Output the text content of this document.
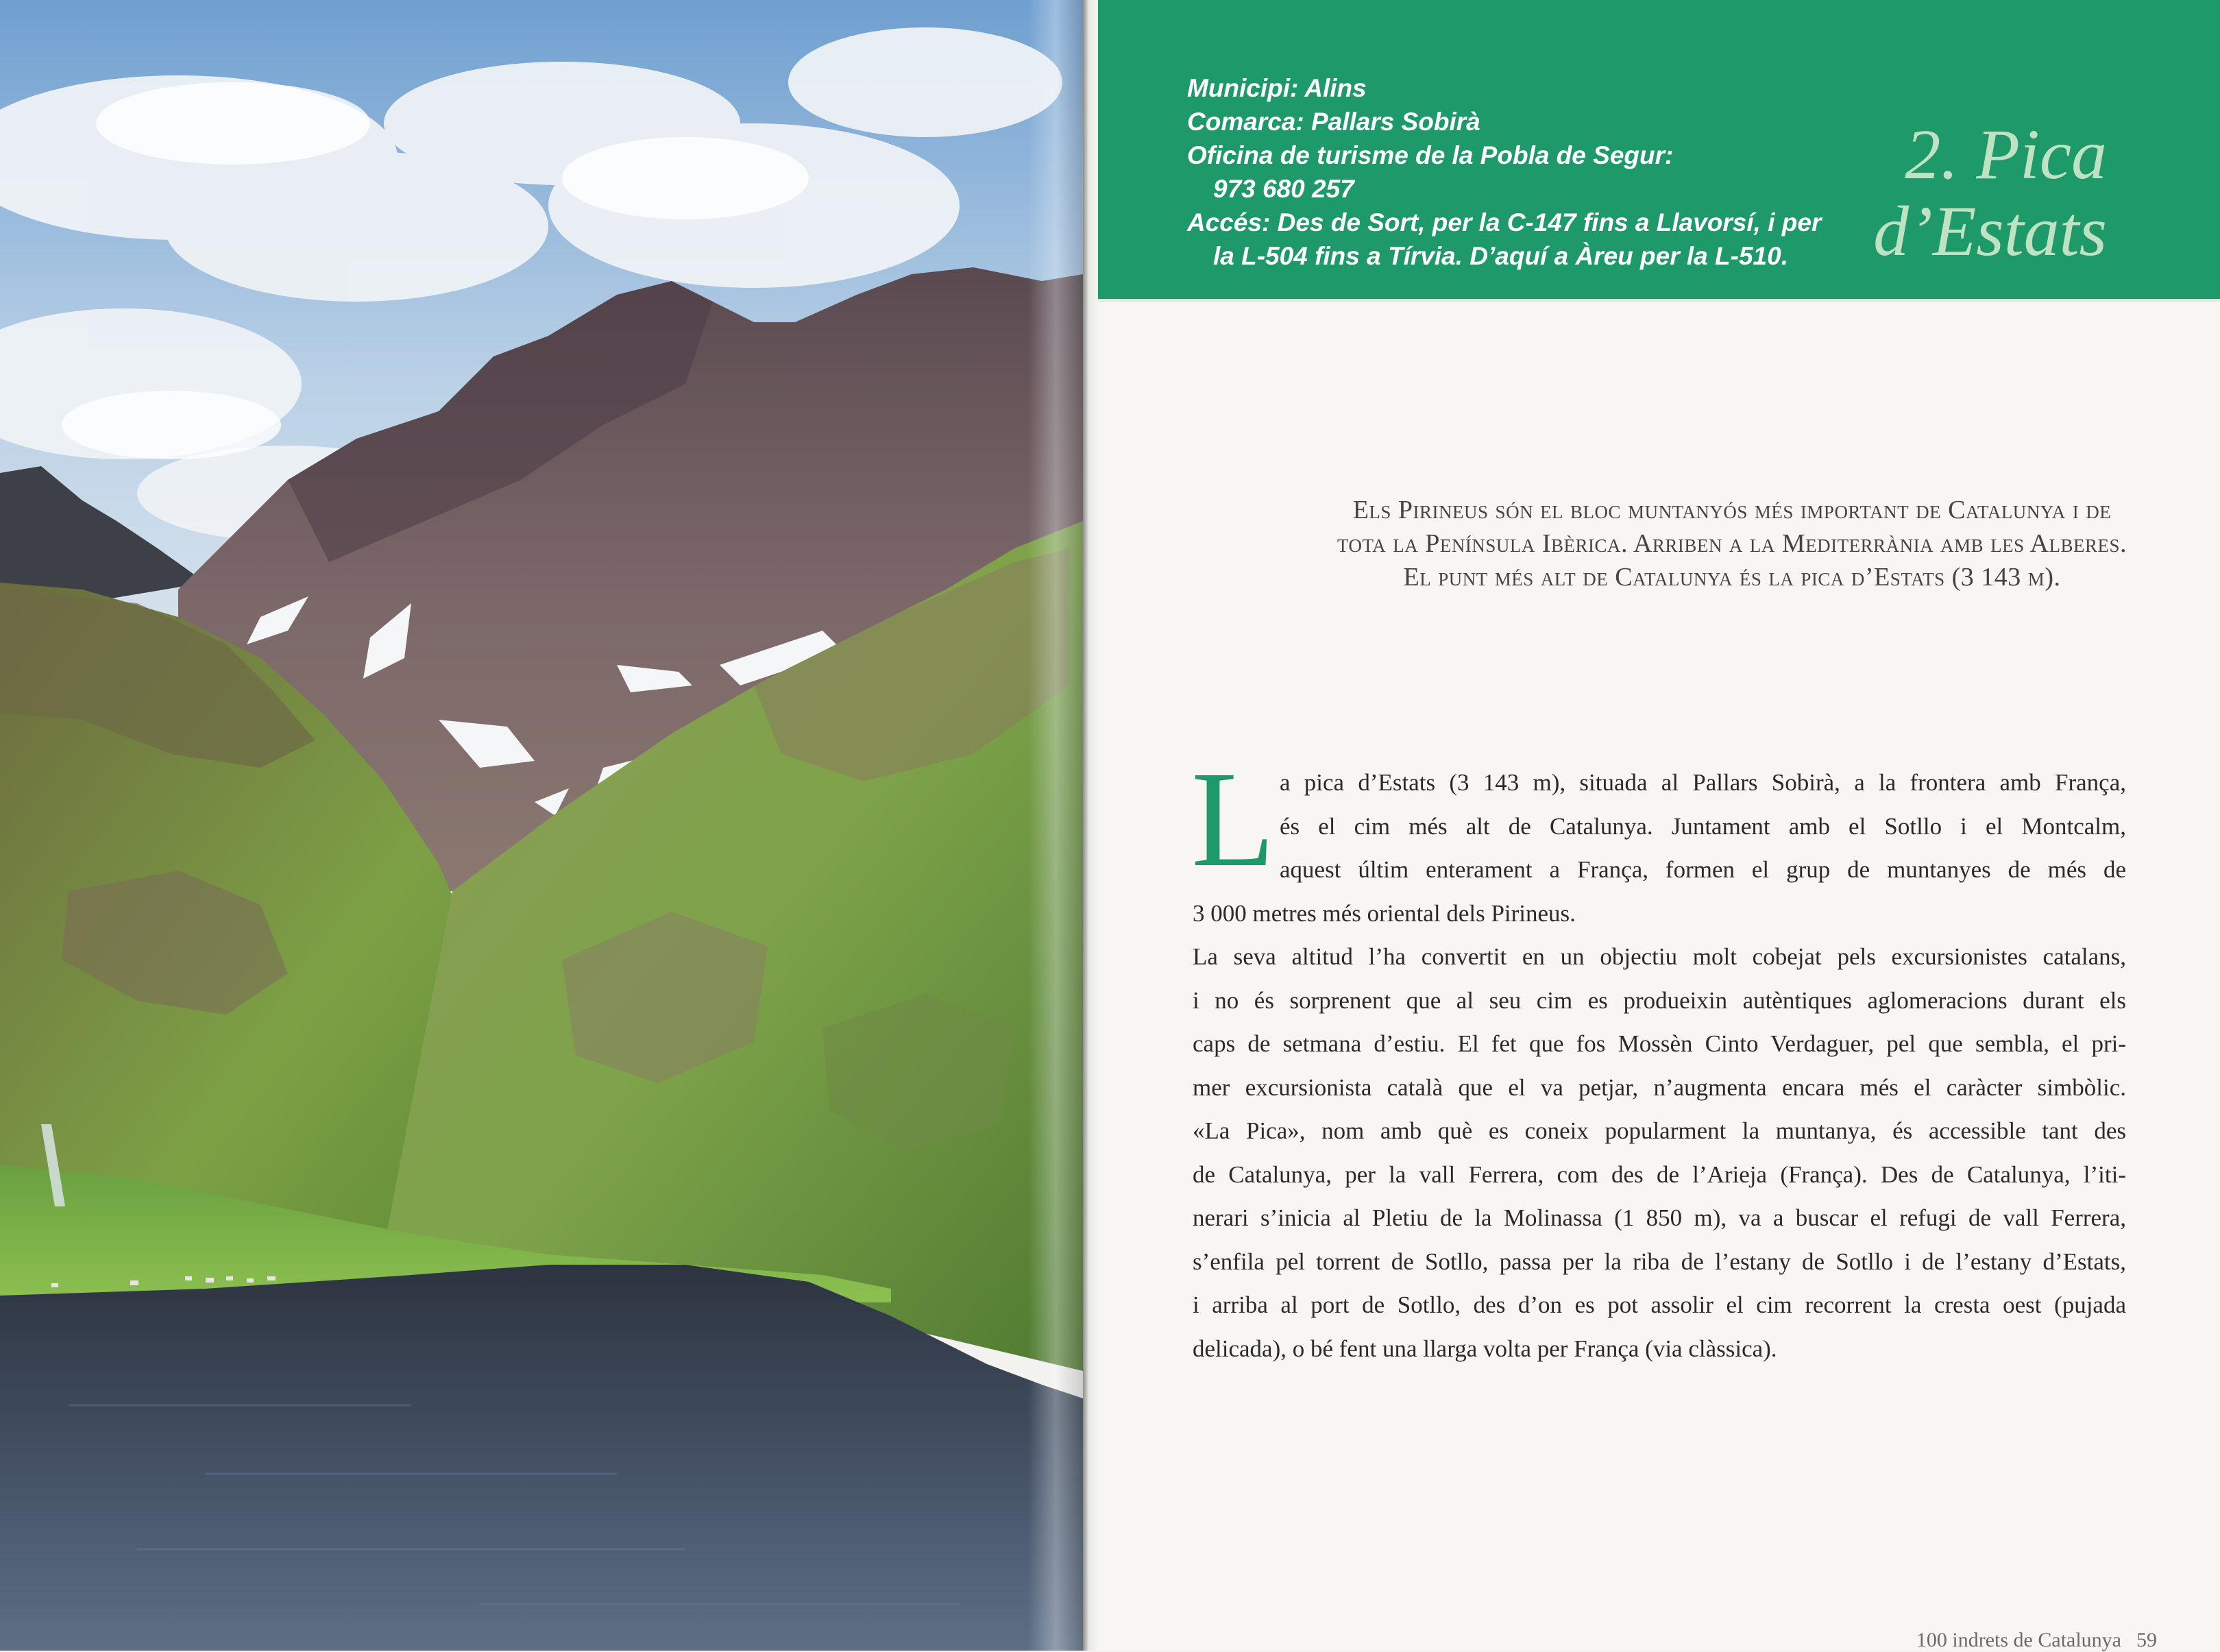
Municipi: Alins
Comarca: Pallars Sobirà
Oficina de turisme de la Pobla de Segur:
973 680 257
Accés: Des de Sort, per la C-147 fins a Llavorsí, i per
la L-504 fins a Tírvia. D’aquí a Àreu per la L-510.
2. Pica
d’Estats
Els Pirineus són el bloc muntanyós més important de Catalunya i de
tota la Península Ibèrica. Arriben a la Mediterrània amb les Alberes.
El punt més alt de Catalunya és la pica d’Estats (3 143 m).
L a pica d’Estats (3 143 m), situada al Pallars Sobirà, a la frontera amb França,
és el cim més alt de Catalunya. Juntament amb el Sotllo i el Montcalm,
aquest últim enterament a França, formen el grup de muntanyes de més de
3 000 metres més oriental dels Pirineus.
La seva altitud l’ha convertit en un objectiu molt cobejat pels excursionistes catalans,
i no és sorprenent que al seu cim es produeixin autèntiques aglomeracions durant els
caps de setmana d’estiu. El fet que fos Mossèn Cinto Verdaguer, pel que sembla, el pri-
mer excursionista català que el va petjar, n’augmenta encara més el caràcter simbòlic.
«La Pica», nom amb què es coneix popularment la muntanya, és accessible tant des
de Catalunya, per la vall Ferrera, com des de l’Arieja (França). Des de Catalunya, l’iti-
nerari s’inicia al Pletiu de la Molinassa (1 850 m), va a buscar el refugi de vall Ferrera,
s’enfila pel torrent de Sotllo, passa per la riba de l’estany de Sotllo i de l’estany d’Estats,
i arriba al port de Sotllo, des d’on es pot assolir el cim recorrent la cresta oest (pujada
delicada), o bé fent una llarga volta per França (via clàssica).
100 indrets de Catalunya 59
